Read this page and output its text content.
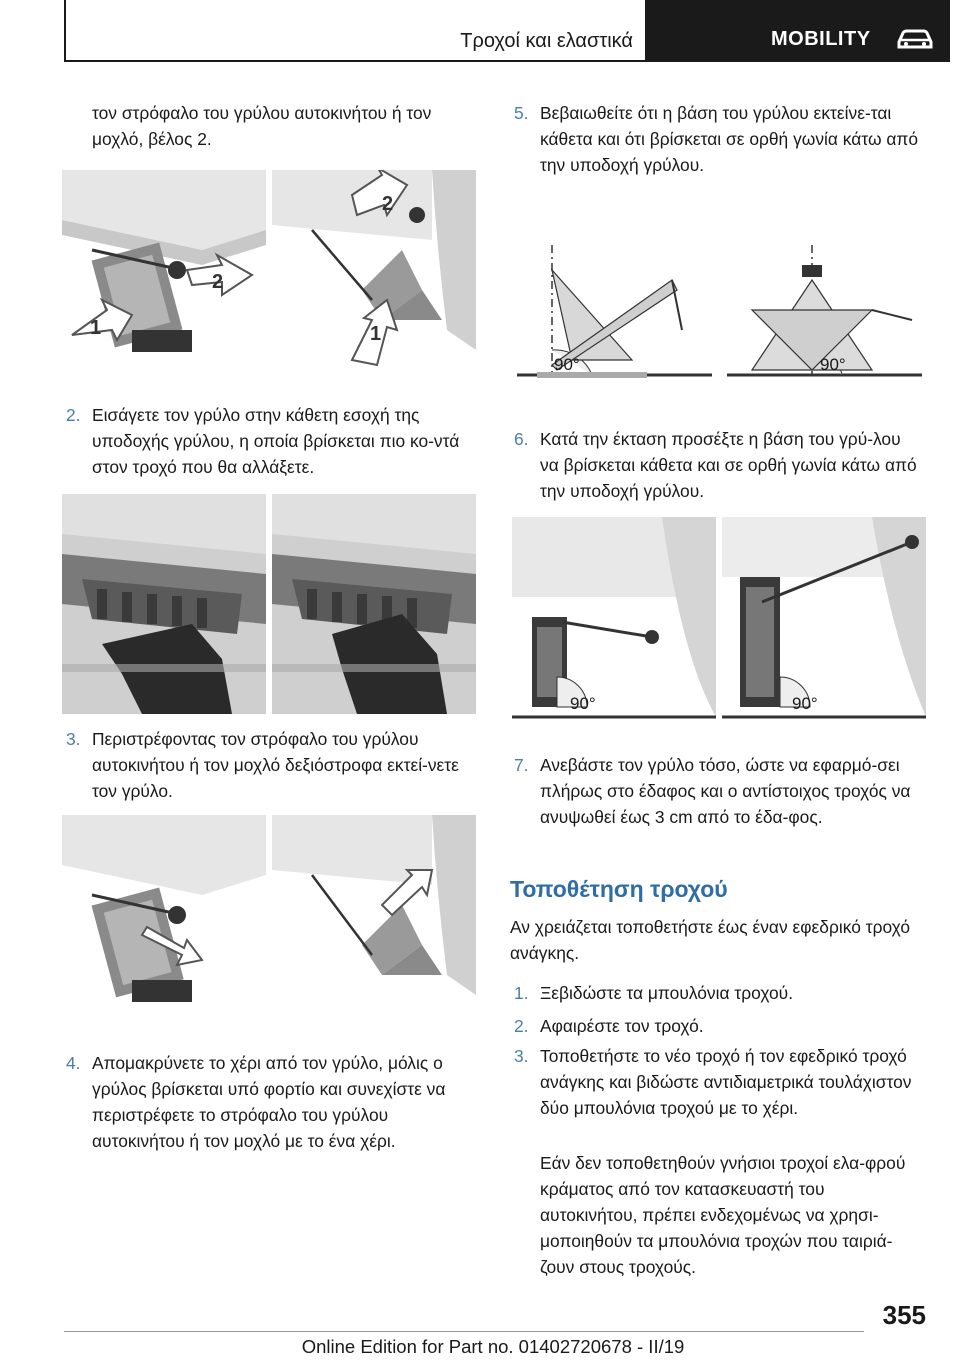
Τροχοί και ελαστικά	MOBILITY

τον στρόφαλο του γρύλου αυτοκινήτου ή τον μοχλό, βέλος 2.

1
2
2
1
2. Εισάγετε τον γρύλο στην κάθετη εσοχή της υποδοχής γρύλου, η οποία βρίσκεται πιο κο-ντά στον τροχό που θα αλλάξετε.
3. Περιστρέφοντας τον στρόφαλο του γρύλου αυτοκινήτου ή τον μοχλό δεξιόστροφα εκτεί-νετε τον γρύλο.
4. Απομακρύνετε το χέρι από τον γρύλο, μόλις ο γρύλος βρίσκεται υπό φορτίο και συνεχίστε να περιστρέφετε το στρόφαλο του γρύλου αυτοκινήτου ή τον μοχλό με το ένα χέρι.
5. Βεβαιωθείτε ότι η βάση του γρύλου εκτείνε-ται κάθετα και ότι βρίσκεται σε ορθή γωνία κάτω από την υποδοχή γρύλου.
90°	90°
6. Κατά την έκταση προσέξτε η βάση του γρύ-λου να βρίσκεται κάθετα και σε ορθή γωνία κάτω από την υποδοχή γρύλου.
90°	90°
7. Ανεβάστε τον γρύλο τόσο, ώστε να εφαρμό-σει πλήρως στο έδαφος και ο αντίστοιχος τροχός να ανυψωθεί έως 3 cm από το έδα-φος.
Τοποθέτηση τροχού

Αν χρειάζεται τοποθετήστε έως έναν εφεδρικό τροχό ανάγκης.

1. Ξεβιδώστε τα μπουλόνια τροχού.
2. Αφαιρέστε τον τροχό.
3. Τοποθετήστε το νέο τροχό ή τον εφεδρικό τροχό ανάγκης και βιδώστε αντιδιαμετρικά τουλάχιστον δύο μπουλόνια τροχού με το χέρι.

Εάν δεν τοποθετηθούν γνήσιοι τροχοί ελα-φρού κράματος από τον κατασκευαστή του αυτοκινήτου, πρέπει ενδεχομένως να χρησι-μοποιηθούν τα μπουλόνια τροχών που ταιριά-ζουν στους τροχούς.

355
Online Edition for Part no. 01402720678 - II/19
